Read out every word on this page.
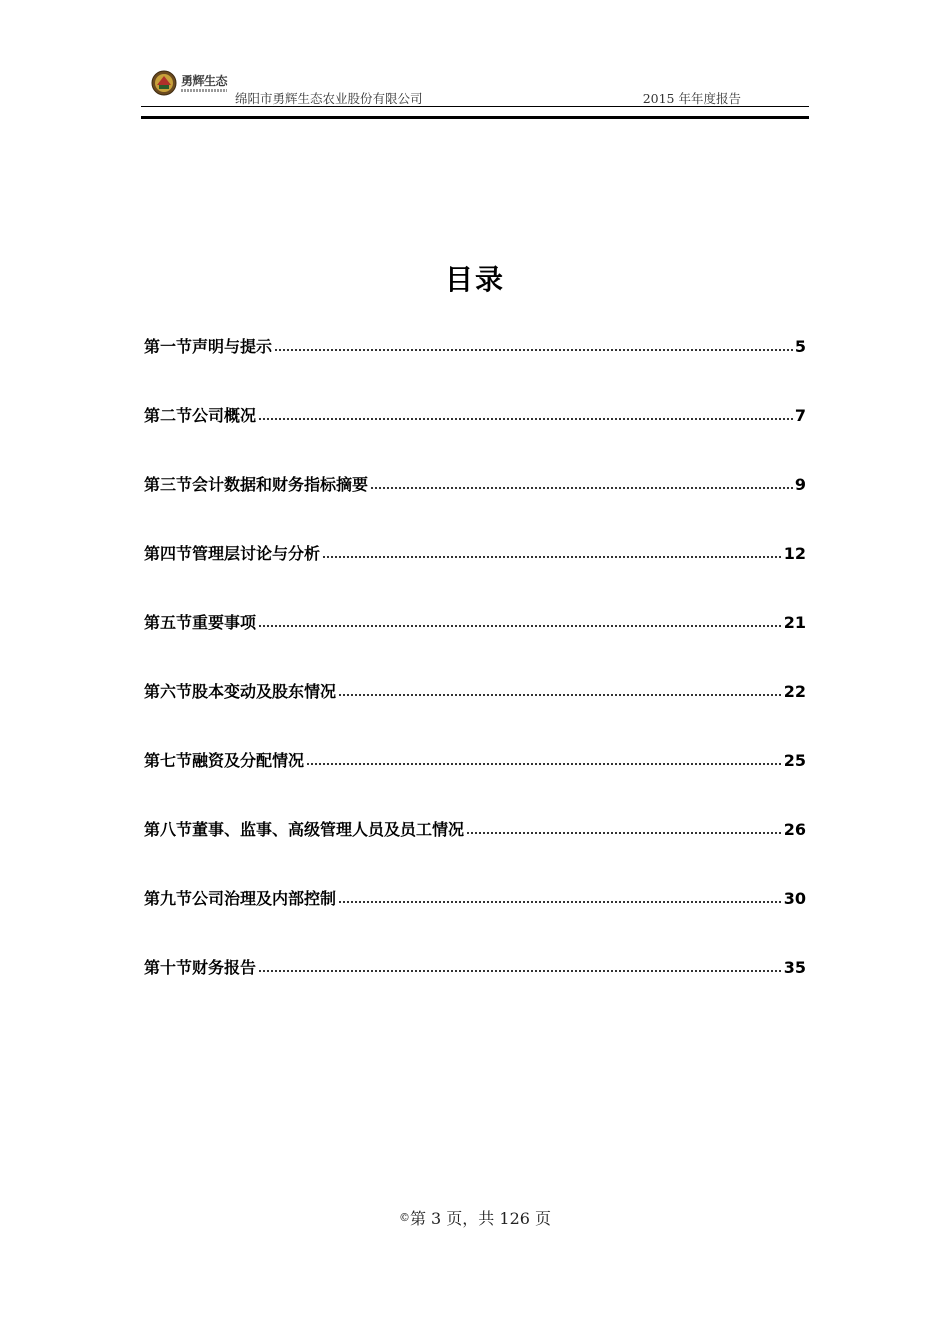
勇辉生态
绵阳市勇辉生态农业股份有限公司	2015 年年度报告
目录
第一节声明与提示	5
第二节公司概况	7
第三节会计数据和财务指标摘要	9
第四节管理层讨论与分析	12
第五节重要事项	21
第六节股本变动及股东情况	22
第七节融资及分配情况	25
第八节董事、监事、高级管理人员及员工情况	26
第九节公司治理及内部控制	30
第十节财务报告	35
©第 3 页，共 126 页
